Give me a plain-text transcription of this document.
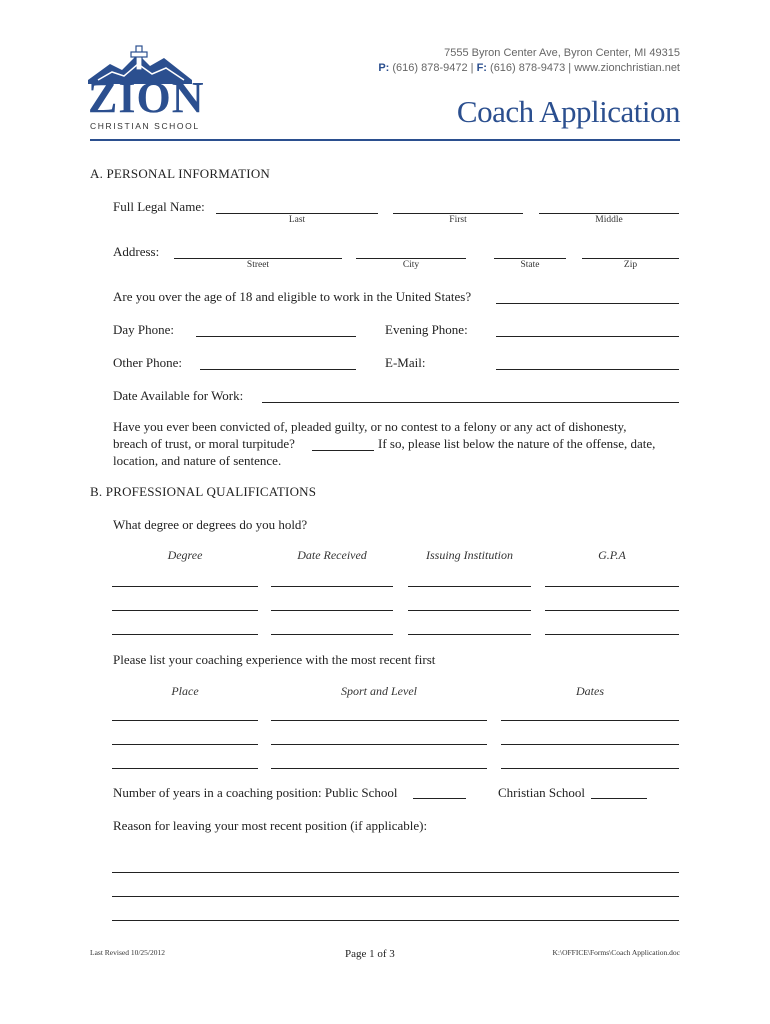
ZION
CHRISTIAN SCHOOL
7555 Byron Center Ave, Byron Center, MI 49315
P: (616) 878-9472 | F: (616) 878-9473 | www.zionchristian.net
Coach Application
A. PERSONAL INFORMATION
Full Legal Name:
Last	First	Middle
Address:
Street	City	State	Zip
Are you over the age of 18 and eligible to work in the United States?
Day Phone:	Evening Phone:
Other Phone:	E-Mail:
Date Available for Work:
Have you ever been convicted of, pleaded guilty, or no contest to a felony or any act of dishonesty,
breach of trust, or moral turpitude?	If so, please list below the nature of the offense, date,
location, and nature of sentence.
B. PROFESSIONAL QUALIFICATIONS
What degree or degrees do you hold?
Degree	Date Received	Issuing Institution	G.P.A
Please list your coaching experience with the most recent first
Place	Sport and Level	Dates
Number of years in a coaching position: Public School	Christian School
Reason for leaving your most recent position (if applicable):
Last Revised 10/25/2012	Page 1 of 3	K:\OFFICE\Forms\Coach Application.doc
